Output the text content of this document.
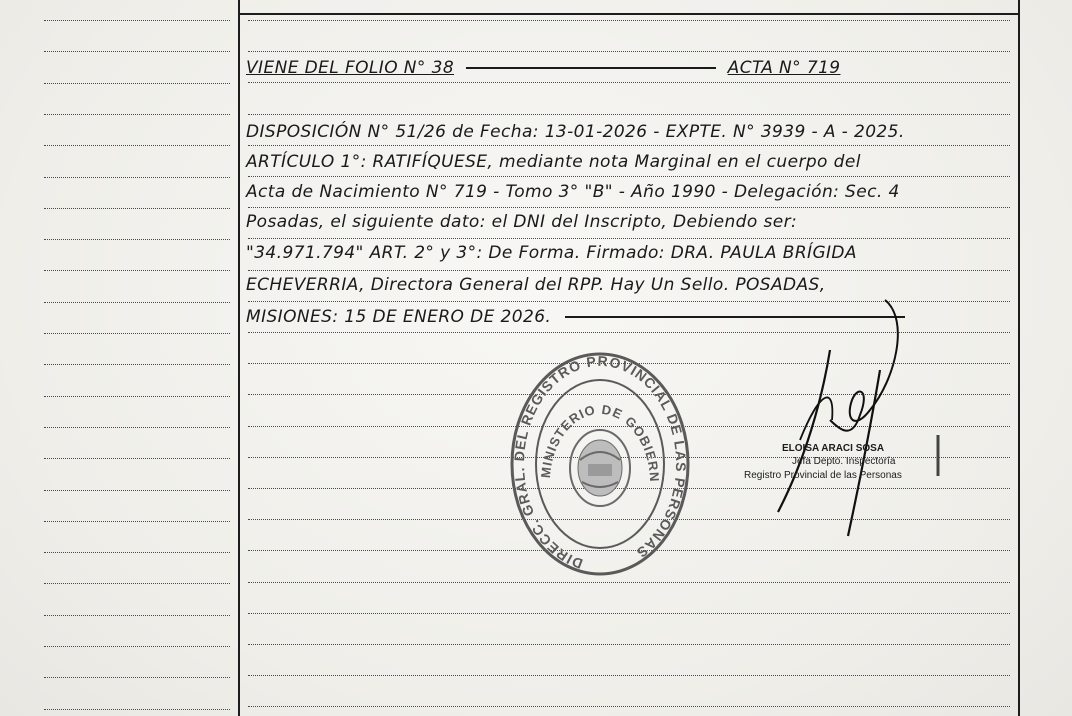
VIENE DEL FOLIO N° 38	ACTA N° 719
DISPOSICIÓN N° 51/26 de Fecha: 13-01-2026 - EXPTE. N° 3939 - A - 2025.
ARTÍCULO 1°: RATIFÍQUESE, mediante nota Marginal en el cuerpo del
Acta de Nacimiento N° 719 - Tomo 3° "B" - Año 1990 - Delegación: Sec. 4
Posadas, el siguiente dato: el DNI del Inscripto, Debiendo ser:
"34.971.794" ART. 2° y 3°: De Forma. Firmado: DRA. PAULA BRÍGIDA
ECHEVERRIA, Directora General del RPP. Hay Un Sello. POSADAS,
MISIONES: 15 DE ENERO DE 2026.
DIRECC. GRAL. DEL REGISTRO PROVINCIAL DE LAS PERSONAS
MINISTERIO DE GOBIERN
ELOISA ARACI SOSA
Jefa Depto. Inspectoría
Registro Provincial de las Personas
